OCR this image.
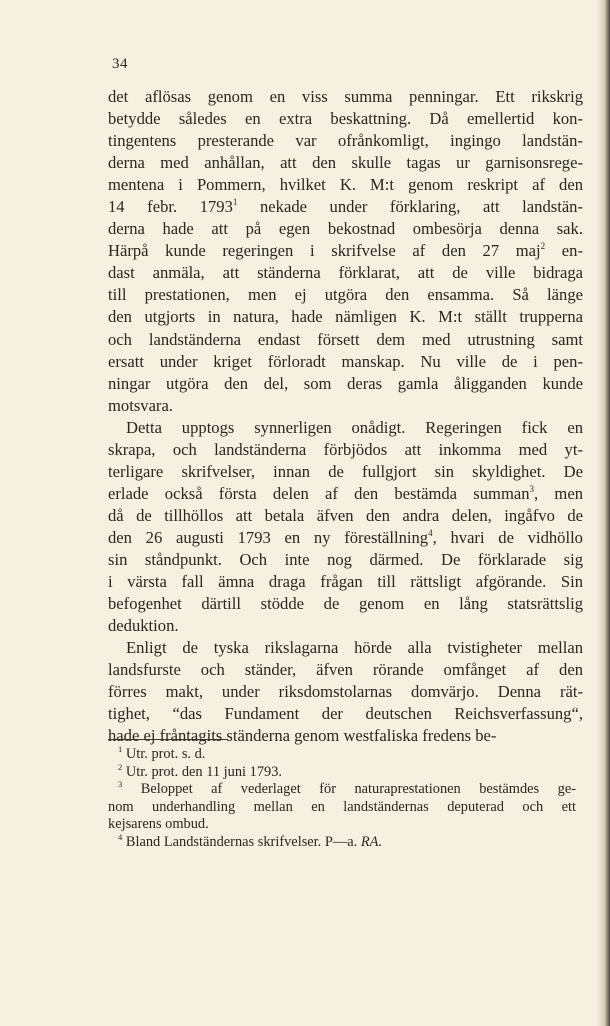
34
det aflösas genom en viss summa penningar. Ett rikskrig
betydde således en extra beskattning. Då emellertid kon-
tingentens presterande var ofrånkomligt, ingingo landstän-
derna med anhållan, att den skulle tagas ur garnisonsrege-
mentena i Pommern, hvilket K. M:t genom reskript af den
14 febr. 1793$^1$ nekade under förklaring, att landstän-
derna hade att på egen bekostnad ombesörja denna sak.
Härpå kunde regeringen i skrifvelse af den 27 maj$^2$ en-
dast anmäla, att ständerna förklarat, att de ville bidraga
till prestationen, men ej utgöra den ensamma. Så länge
den utgjorts in natura, hade nämligen K. M:t ställt trupperna
och landständerna endast försett dem med utrustning samt
ersatt under kriget förloradt manskap. Nu ville de i pen-
ningar utgöra den del, som deras gamla åligganden kunde
motsvara.
Detta upptogs synnerligen onådigt. Regeringen fick en
skrapa, och landständerna förbjödos att inkomma med yt-
terligare skrifvelser, innan de fullgjort sin skyldighet. De
erlade också första delen af den bestämda summan$^3$, men
då de tillhöllos att betala äfven den andra delen, ingåfvo de
den 26 augusti 1793 en ny föreställning$^4$, hvari de vidhöllo
sin ståndpunkt. Och inte nog därmed. De förklarade sig
i värsta fall ämna draga frågan till rättsligt afgörande. Sin
befogenhet därtill stödde de genom en lång statsrättslig
deduktion.
Enligt de tyska rikslagarna hörde alla tvistigheter mellan
landsfurste och ständer, äfven rörande omfånget af den
förres makt, under riksdomstolarnas domvärjo. Denna rät-
tighet, “das Fundament der deutschen Reichsverfassung“,
hade ej fråntagits ständerna genom westfaliska fredens be-
$^1$ Utr. prot. s. d.
$^2$ Utr. prot. den 11 juni 1793.
$^3$ Beloppet af vederlaget för naturaprestationen bestämdes ge-
nom underhandling mellan en landständernas deputerad och ett
kejsarens ombud.
$^4$ Bland Landständernas skrifvelser. P—a. RA.
